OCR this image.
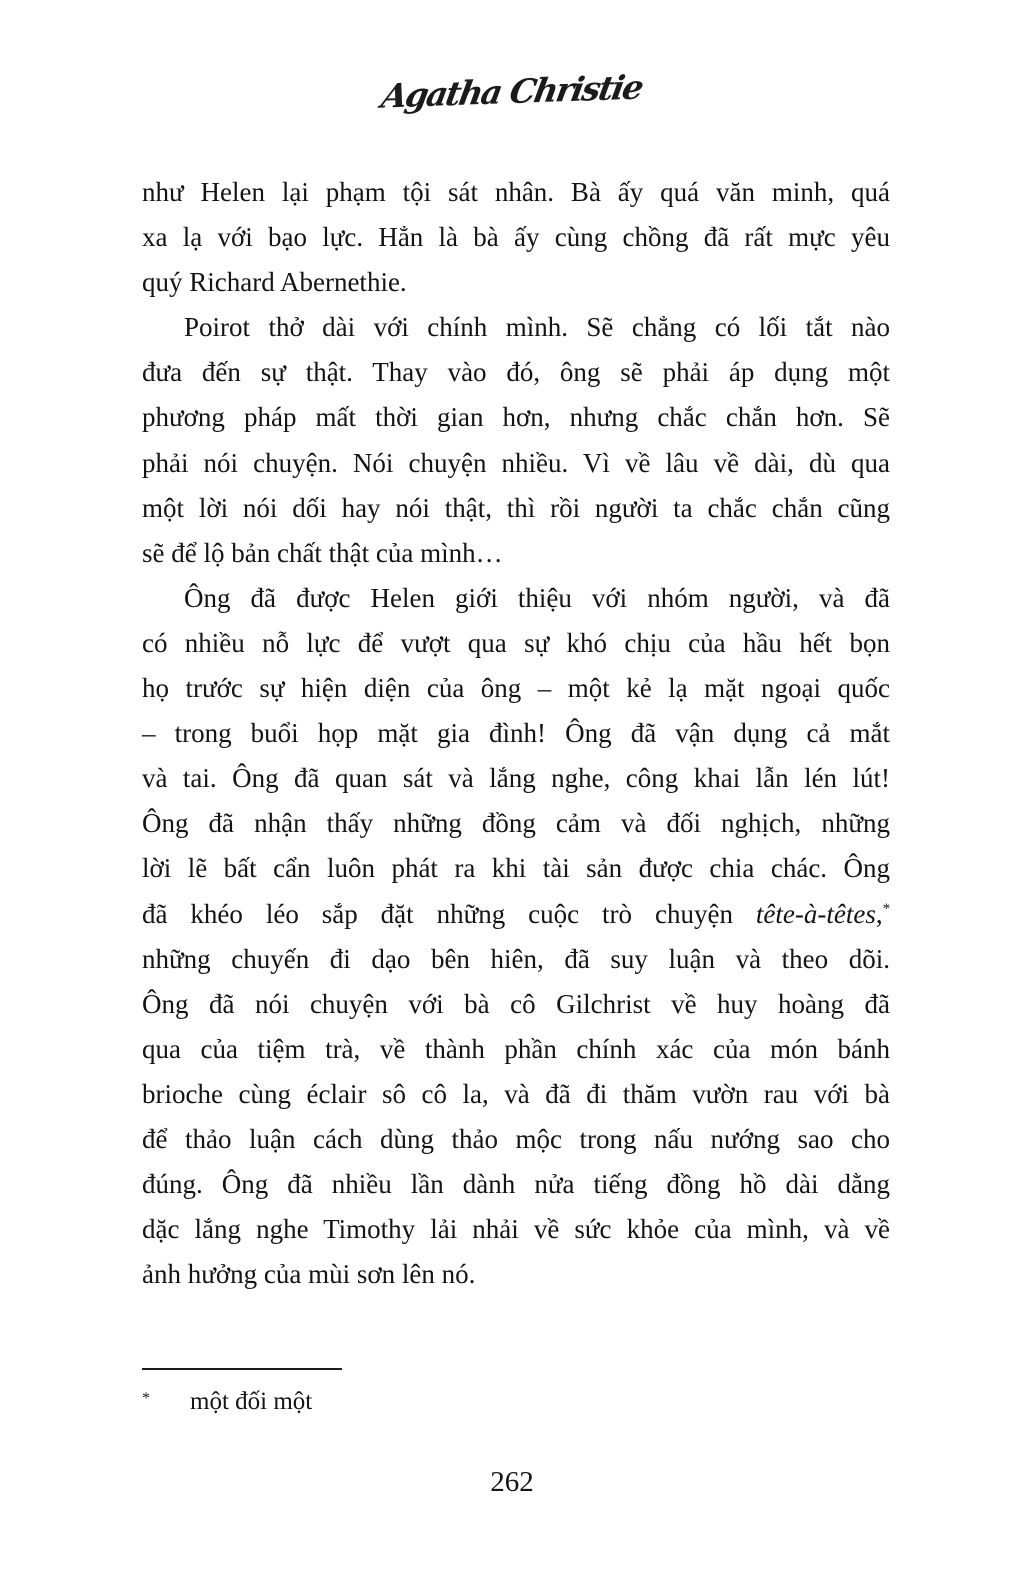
Agatha Christie
như Helen lại phạm tội sát nhân. Bà ấy quá văn minh, quá
xa lạ với bạo lực. Hẳn là bà ấy cùng chồng đã rất mực yêu
quý Richard Abernethie.
Poirot thở dài với chính mình. Sẽ chẳng có lối tắt nào
đưa đến sự thật. Thay vào đó, ông sẽ phải áp dụng một
phương pháp mất thời gian hơn, nhưng chắc chắn hơn. Sẽ
phải nói chuyện. Nói chuyện nhiều. Vì về lâu về dài, dù qua
một lời nói dối hay nói thật, thì rồi người ta chắc chắn cũng
sẽ để lộ bản chất thật của mình…
Ông đã được Helen giới thiệu với nhóm người, và đã
có nhiều nỗ lực để vượt qua sự khó chịu của hầu hết bọn
họ trước sự hiện diện của ông – một kẻ lạ mặt ngoại quốc
– trong buổi họp mặt gia đình! Ông đã vận dụng cả mắt
và tai. Ông đã quan sát và lắng nghe, công khai lẫn lén lút!
Ông đã nhận thấy những đồng cảm và đối nghịch, những
lời lẽ bất cẩn luôn phát ra khi tài sản được chia chác. Ông
đã khéo léo sắp đặt những cuộc trò chuyện tête-à-têtes,*
những chuyến đi dạo bên hiên, đã suy luận và theo dõi.
Ông đã nói chuyện với bà cô Gilchrist về huy hoàng đã
qua của tiệm trà, về thành phần chính xác của món bánh
brioche cùng éclair sô cô la, và đã đi thăm vườn rau với bà
để thảo luận cách dùng thảo mộc trong nấu nướng sao cho
đúng. Ông đã nhiều lần dành nửa tiếng đồng hồ dài dằng
dặc lắng nghe Timothy lải nhải về sức khỏe của mình, và về
ảnh hưởng của mùi sơn lên nó.
*	một đối một
262
